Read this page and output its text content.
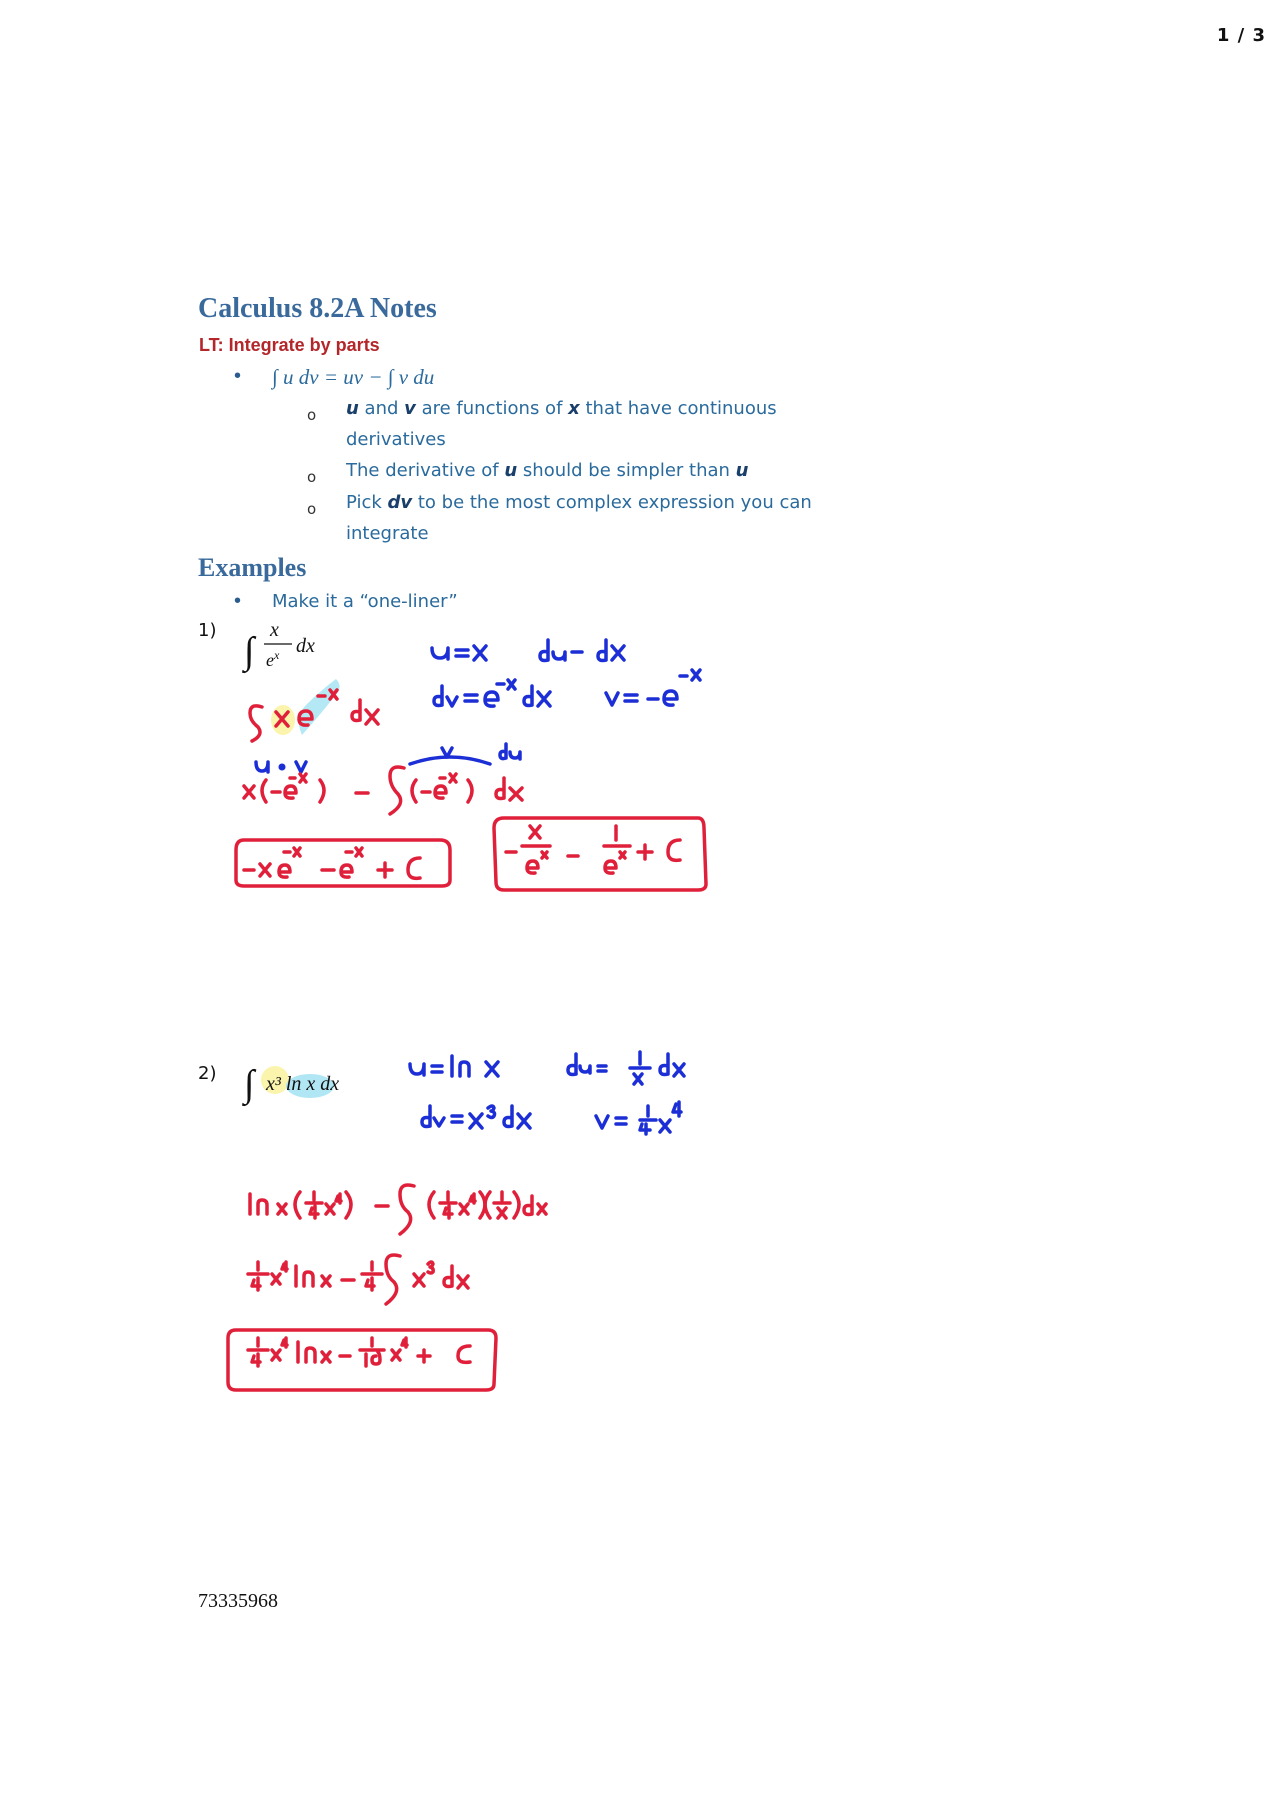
1 / 3
Calculus 8.2A Notes
LT: Integrate by parts
• ∫ u dv = uv − ∫ v du
o u and v are functions of x that have continuous derivatives
o The derivative of u should be simpler than u
o Pick dv to be the most complex expression you can integrate
Examples
• Make it a “one-liner”
1)
2)
73335968
∫ x
$e^x$ dx
∫ x³ ln x dx
